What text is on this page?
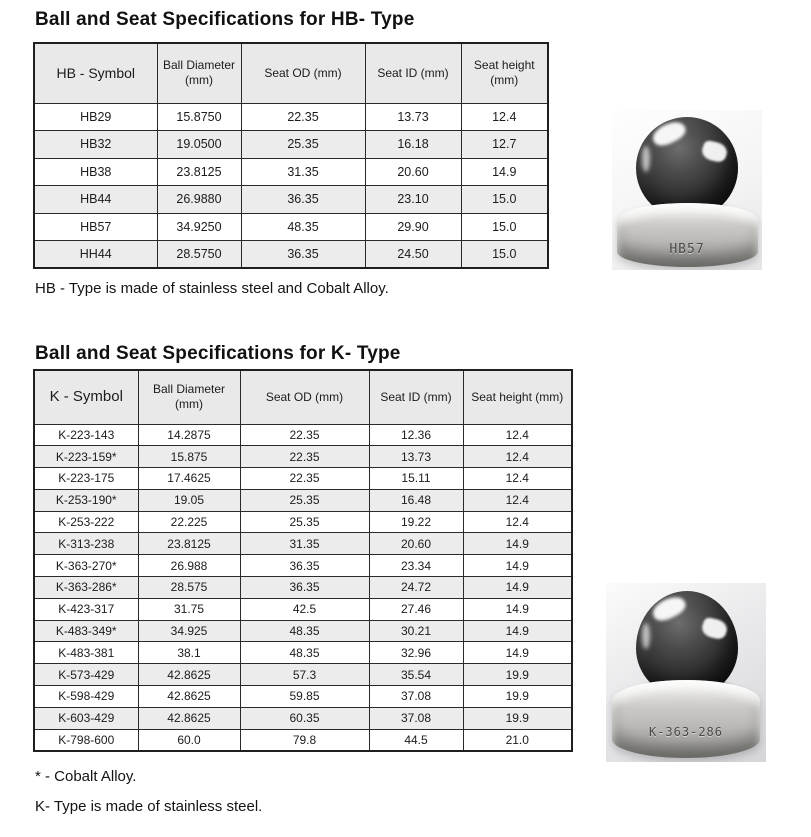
Ball and Seat Specifications for HB- Type
HB - Symbol	Ball Diameter (mm)	Seat OD (mm)	Seat ID (mm)	Seat height (mm)
HB29	15.8750	22.35	13.73	12.4
HB32	19.0500	25.35	16.18	12.7
HB38	23.8125	31.35	20.60	14.9
HB44	26.9880	36.35	23.10	15.0
HB57	34.9250	48.35	29.90	15.0
HH44	28.5750	36.35	24.50	15.0
HB - Type is made of stainless steel and Cobalt Alloy.
Ball and Seat Specifications for K- Type
K - Symbol	Ball Diameter (mm)	Seat OD (mm)	Seat ID (mm)	Seat height (mm)
K-223-143	14.2875	22.35	12.36	12.4
K-223-159*	15.875	22.35	13.73	12.4
K-223-175	17.4625	22.35	15.11	12.4
K-253-190*	19.05	25.35	16.48	12.4
K-253-222	22.225	25.35	19.22	12.4
K-313-238	23.8125	31.35	20.60	14.9
K-363-270*	26.988	36.35	23.34	14.9
K-363-286*	28.575	36.35	24.72	14.9
K-423-317	31.75	42.5	27.46	14.9
K-483-349*	34.925	48.35	30.21	14.9
K-483-381	38.1	48.35	32.96	14.9
K-573-429	42.8625	57.3	35.54	19.9
K-598-429	42.8625	59.85	37.08	19.9
K-603-429	42.8625	60.35	37.08	19.9
K-798-600	60.0	79.8	44.5	21.0
* - Cobalt Alloy.
K- Type is made of stainless steel.
HB57
K-363-286
